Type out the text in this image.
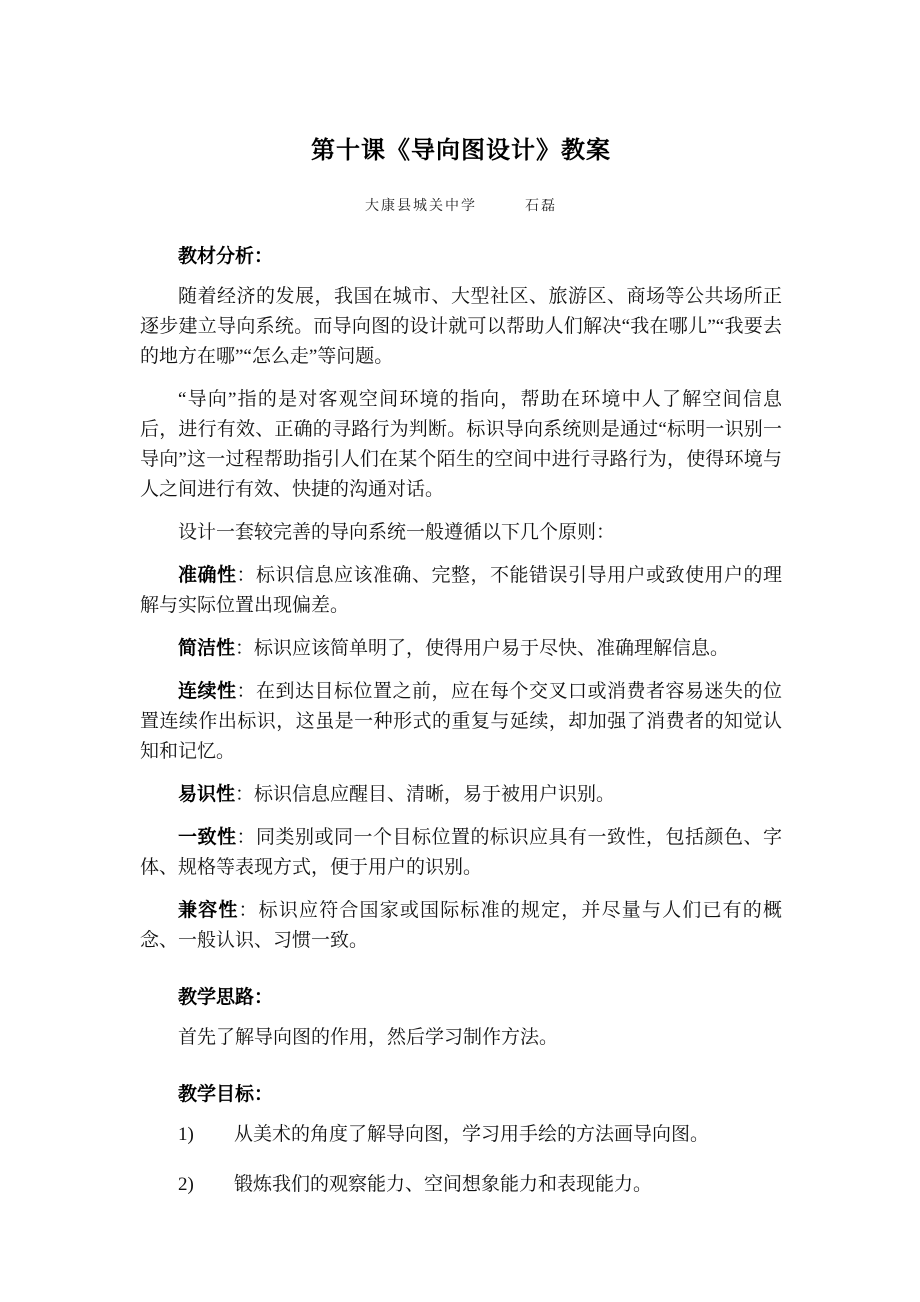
第十课《导向图设计》教案
大康县城关中学　　　石磊

教材分析：

随着经济的发展，我国在城市、大型社区、旅游区、商场等公共场所正逐步建立导向系统。而导向图的设计就可以帮助人们解决“我在哪儿”“我要去的地方在哪”“怎么走”等问题。

“导向”指的是对客观空间环境的指向，帮助在环境中人了解空间信息后，进行有效、正确的寻路行为判断。标识导向系统则是通过“标明一识别一导向”这一过程帮助指引人们在某个陌生的空间中进行寻路行为，使得环境与人之间进行有效、快捷的沟通对话。

设计一套较完善的导向系统一般遵循以下几个原则：

准确性：标识信息应该准确、完整，不能错误引导用户或致使用户的理解与实际位置出现偏差。

简洁性：标识应该简单明了，使得用户易于尽快、准确理解信息。

连续性：在到达目标位置之前，应在每个交叉口或消费者容易迷失的位置连续作出标识，这虽是一种形式的重复与延续，却加强了消费者的知觉认知和记忆。

易识性：标识信息应醒目、清晰，易于被用户识别。

一致性：同类别或同一个目标位置的标识应具有一致性，包括颜色、字体、规格等表现方式，便于用户的识别。

兼容性：标识应符合国家或国际标准的规定，并尽量与人们已有的概念、一般认识、习惯一致。

教学思路：

首先了解导向图的作用，然后学习制作方法。

教学目标：

1) 从美术的角度了解导向图，学习用手绘的方法画导向图。

2) 锻炼我们的观察能力、空间想象能力和表现能力。
